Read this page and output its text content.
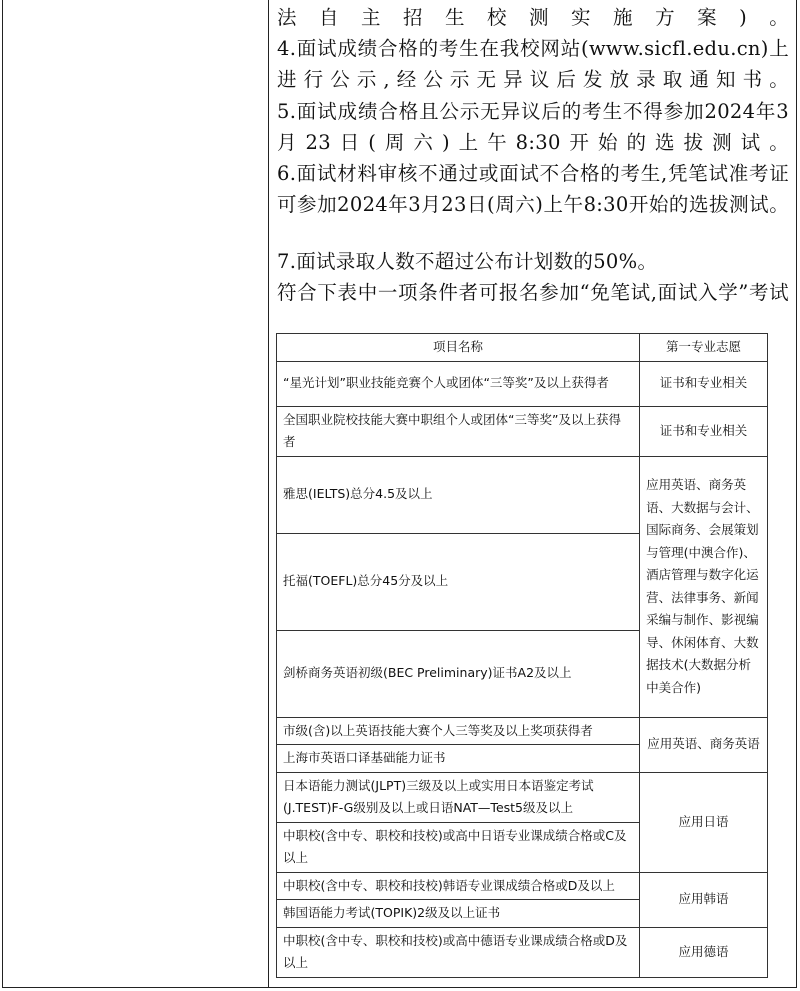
法自主招生校测实施方案)。
4.面试成绩合格的考生在我校网站(www.sicfl.edu.cn)上进行公示,经公示无异议后发放录取通知书。
5.面试成绩合格且公示无异议后的考生不得参加2024年3月23日(周六)上午8:30开始的选拔测试。
6.面试材料审核不通过或面试不合格的考生,凭笔试准考证可参加2024年3月23日(周六)上午8:30开始的选拔测试。
7.面试录取人数不超过公布计划数的50%。
符合下表中一项条件者可报名参加“免笔试,面试入学”考试
项目名称	第一专业志愿
“星光计划”职业技能竞赛个人或团体“三等奖”及以上获得者	证书和专业相关
全国职业院校技能大赛中职组个人或团体“三等奖”及以上获得者	证书和专业相关
雅思(IELTS)总分4.5及以上	应用英语、商务英语、大数据与会计、国际商务、会展策划与管理(中澳合作)、酒店管理与数字化运营、法律事务、新闻采编与制作、影视编导、休闲体育、大数据技术(大数据分析中美合作)
托福(TOEFL)总分45分及以上	
剑桥商务英语初级(BEC Preliminary)证书A2及以上	
市级(含)以上英语技能大赛个人三等奖及以上奖项获得者	应用英语、商务英语
上海市英语口译基础能力证书	
日本语能力测试(JLPT)三级及以上或实用日本语鉴定考试(J.TEST)F-G级别及以上或日语NAT—Test5级及以上	应用日语
中职校(含中专、职校和技校)或高中日语专业课成绩合格或C及以上	
中职校(含中专、职校和技校)韩语专业课成绩合格或D及以上	应用韩语
韩国语能力考试(TOPIK)2级及以上证书	
中职校(含中专、职校和技校)或高中德语专业课成绩合格或D及以上	应用德语
